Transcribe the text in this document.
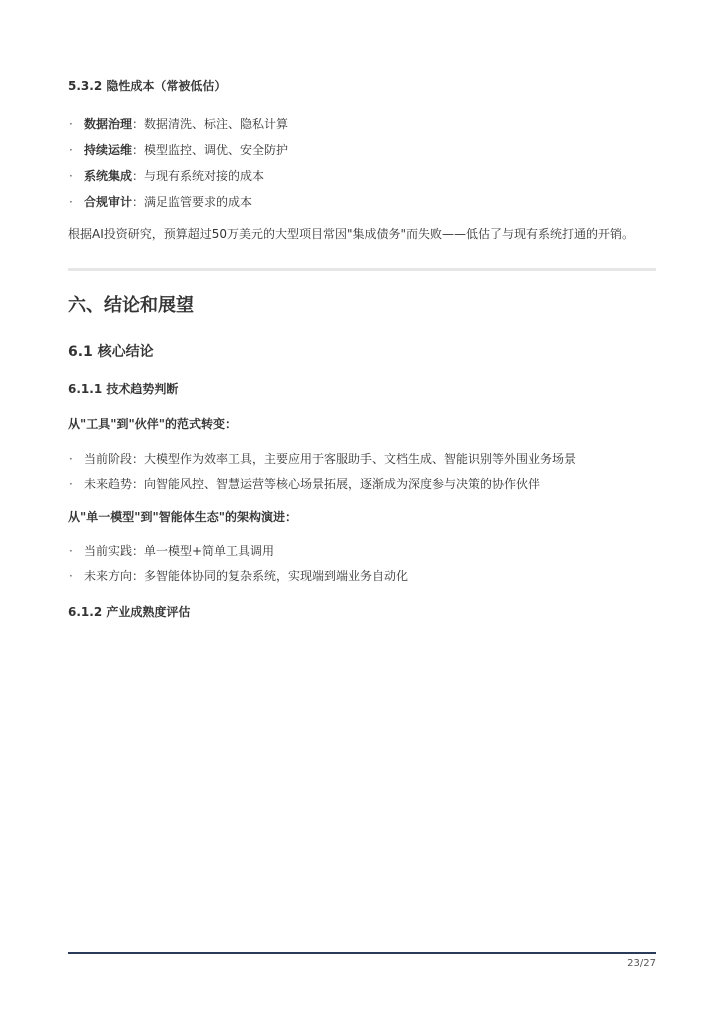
5.3.2 隐性成本（常被低估）
· 数据治理：数据清洗、标注、隐私计算
· 持续运维：模型监控、调优、安全防护
· 系统集成：与现有系统对接的成本
· 合规审计：满足监管要求的成本

根据AI投资研究，预算超过50万美元的大型项目常因"集成债务"而失败——低估了与现有系统打通的开销。

六、结论和展望
6.1 核心结论
6.1.1 技术趋势判断
从"工具"到"伙伴"的范式转变：
· 当前阶段：大模型作为效率工具，主要应用于客服助手、文档生成、智能识别等外围业务场景
· 未来趋势：向智能风控、智慧运营等核心场景拓展，逐渐成为深度参与决策的协作伙伴
从"单一模型"到"智能体生态"的架构演进：
· 当前实践：单一模型+简单工具调用
· 未来方向：多智能体协同的复杂系统，实现端到端业务自动化
6.1.2 产业成熟度评估
23/27
